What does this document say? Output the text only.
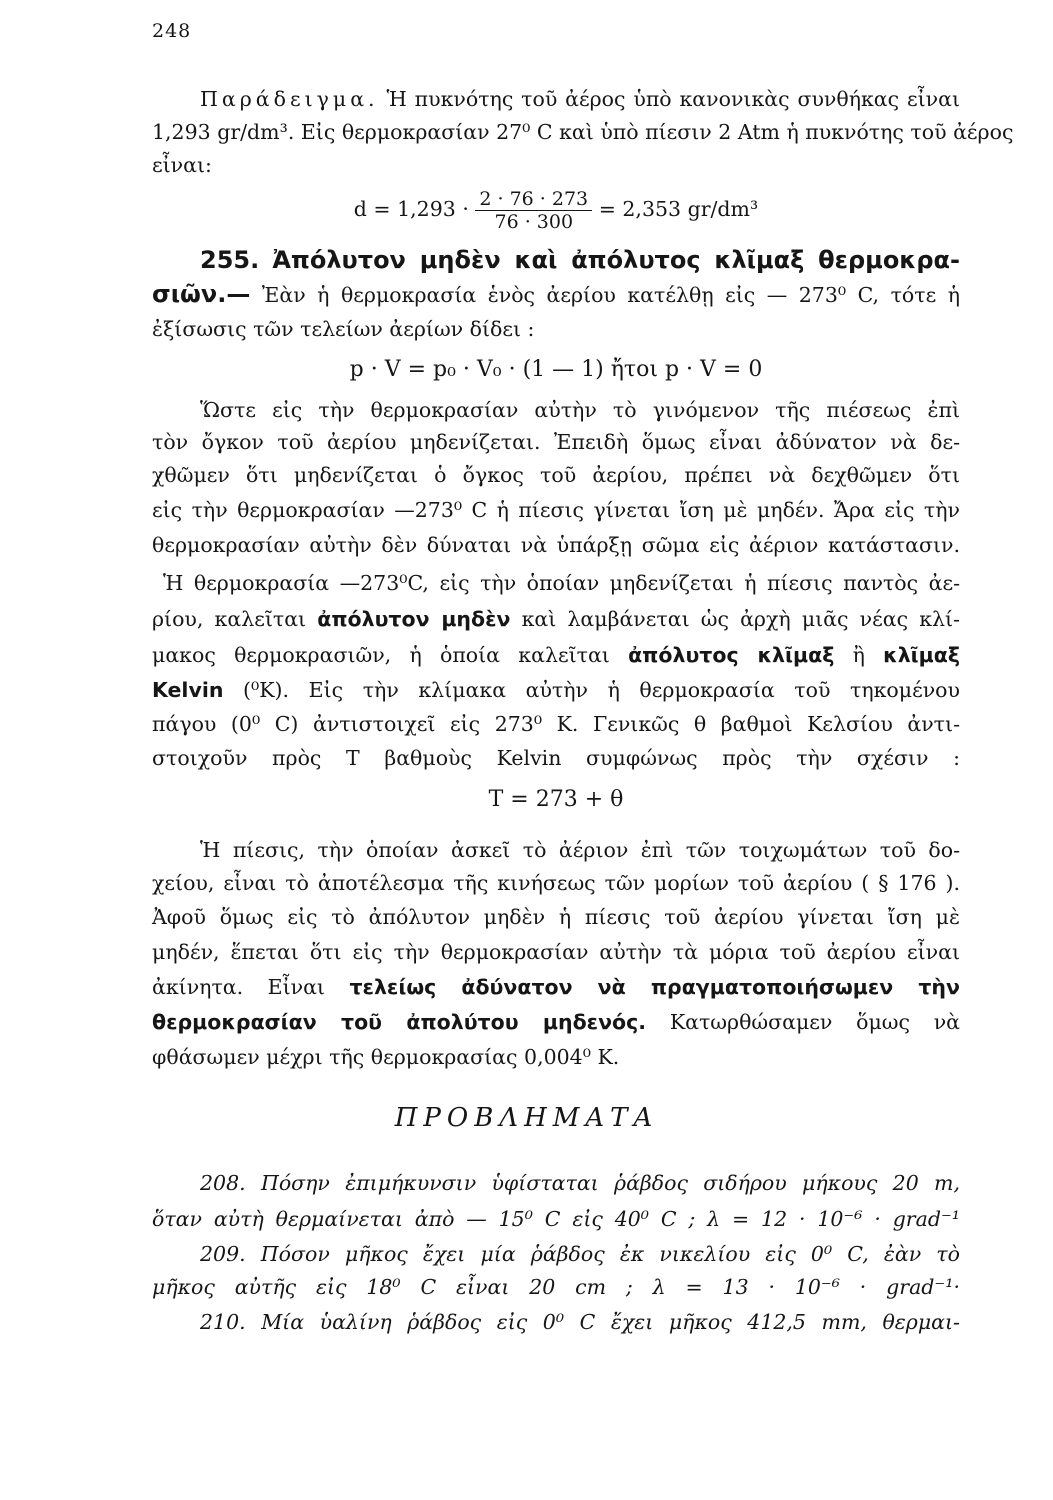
248
Παράδειγμα. Ἡ πυκνότης τοῦ ἀέρος ὑπὸ κανονικὰς συνθήκας εἶναι
1,293 gr/dm³. Εἰς θερμοκρασίαν 27⁰ C καὶ ὑπὸ πίεσιν 2 Atm ἡ πυκνότης τοῦ ἀέρος
εἶναι:
$d = 1,293 \cdot \frac{2 \cdot 76 \cdot 273}{76 \cdot 300} = 2,353$ gr/dm³
255. Ἀπόλυτον μηδὲν καὶ ἀπόλυτος κλῖμαξ θερμοκρα-
σιῶν.— Ἐὰν ἡ θερμοκρασία ἑνὸς ἀερίου κατέλθῃ εἰς — 273⁰ C, τότε ἡ
ἐξίσωσις τῶν τελείων ἀερίων δίδει :
p · V = p₀ · V₀ · (1 — 1) ἤτοι p · V = 0
Ὥστε εἰς τὴν θερμοκρασίαν αὐτὴν τὸ γινόμενον τῆς πιέσεως ἐπὶ
τὸν ὄγκον τοῦ ἀερίου μηδενίζεται. Ἐπειδὴ ὅμως εἶναι ἀδύνατον νὰ δε-
χθῶμεν ὅτι μηδενίζεται ὁ ὄγκος τοῦ ἀερίου, πρέπει νὰ δεχθῶμεν ὅτι
εἰς τὴν θερμοκρασίαν —273⁰ C ἡ πίεσις γίνεται ἴση μὲ μηδέν. Ἄρα εἰς τὴν
θερμοκρασίαν αὐτὴν δὲν δύναται νὰ ὑπάρξῃ σῶμα εἰς ἀέριον κατάστασιν.
Ἡ θερμοκρασία —273⁰C, εἰς τὴν ὁποίαν μηδενίζεται ἡ πίεσις παντὸς ἀε-
ρίου, καλεῖται ἀπόλυτον μηδὲν καὶ λαμβάνεται ὡς ἀρχὴ μιᾶς νέας κλί-
μακος θερμοκρασιῶν, ἡ ὁποία καλεῖται ἀπόλυτος κλῖμαξ ἢ κλῖμαξ
Kelvin (⁰K). Εἰς τὴν κλίμακα αὐτὴν ἡ θερμοκρασία τοῦ τηκομένου
πάγου (0⁰ C) ἀντιστοιχεῖ εἰς 273⁰ K. Γενικῶς θ βαθμοὶ Κελσίου ἀντι-
στοιχοῦν πρὸς T βαθμοὺς Kelvin συμφώνως πρὸς τὴν σχέσιν :
T = 273 + θ
Ἡ πίεσις, τὴν ὁποίαν ἀσκεῖ τὸ ἀέριον ἐπὶ τῶν τοιχωμάτων τοῦ δο-
χείου, εἶναι τὸ ἀποτέλεσμα τῆς κινήσεως τῶν μορίων τοῦ ἀερίου ( § 176 ).
Ἀφοῦ ὅμως εἰς τὸ ἀπόλυτον μηδὲν ἡ πίεσις τοῦ ἀερίου γίνεται ἴση μὲ
μηδέν, ἕπεται ὅτι εἰς τὴν θερμοκρασίαν αὐτὴν τὰ μόρια τοῦ ἀερίου εἶναι
ἀκίνητα. Εἶναι τελείως ἀδύνατον νὰ πραγματοποιήσωμεν τὴν
θερμοκρασίαν τοῦ ἀπολύτου μηδενός. Κατωρθώσαμεν ὅμως νὰ
φθάσωμεν μέχρι τῆς θερμοκρασίας 0,004⁰ K.
ΠΡΟΒΛΗΜΑΤΑ
208. Πόσην ἐπιμήκυνσιν ὑφίσταται ῥάβδος σιδήρου μήκους 20 m,
ὅταν αὐτὴ θερμαίνεται ἀπὸ — 15⁰ C εἰς 40⁰ C ; λ = 12 · 10⁻⁶ · grad⁻¹
209. Πόσον μῆκος ἔχει μία ῥάβδος ἐκ νικελίου εἰς 0⁰ C, ἐὰν τὸ
μῆκος αὐτῆς εἰς 18⁰ C εἶναι 20 cm ; λ = 13 · 10⁻⁶ · grad⁻¹·
210. Μία ὑαλίνη ῥάβδος εἰς 0⁰ C ἔχει μῆκος 412,5 mm, θερμαι-
